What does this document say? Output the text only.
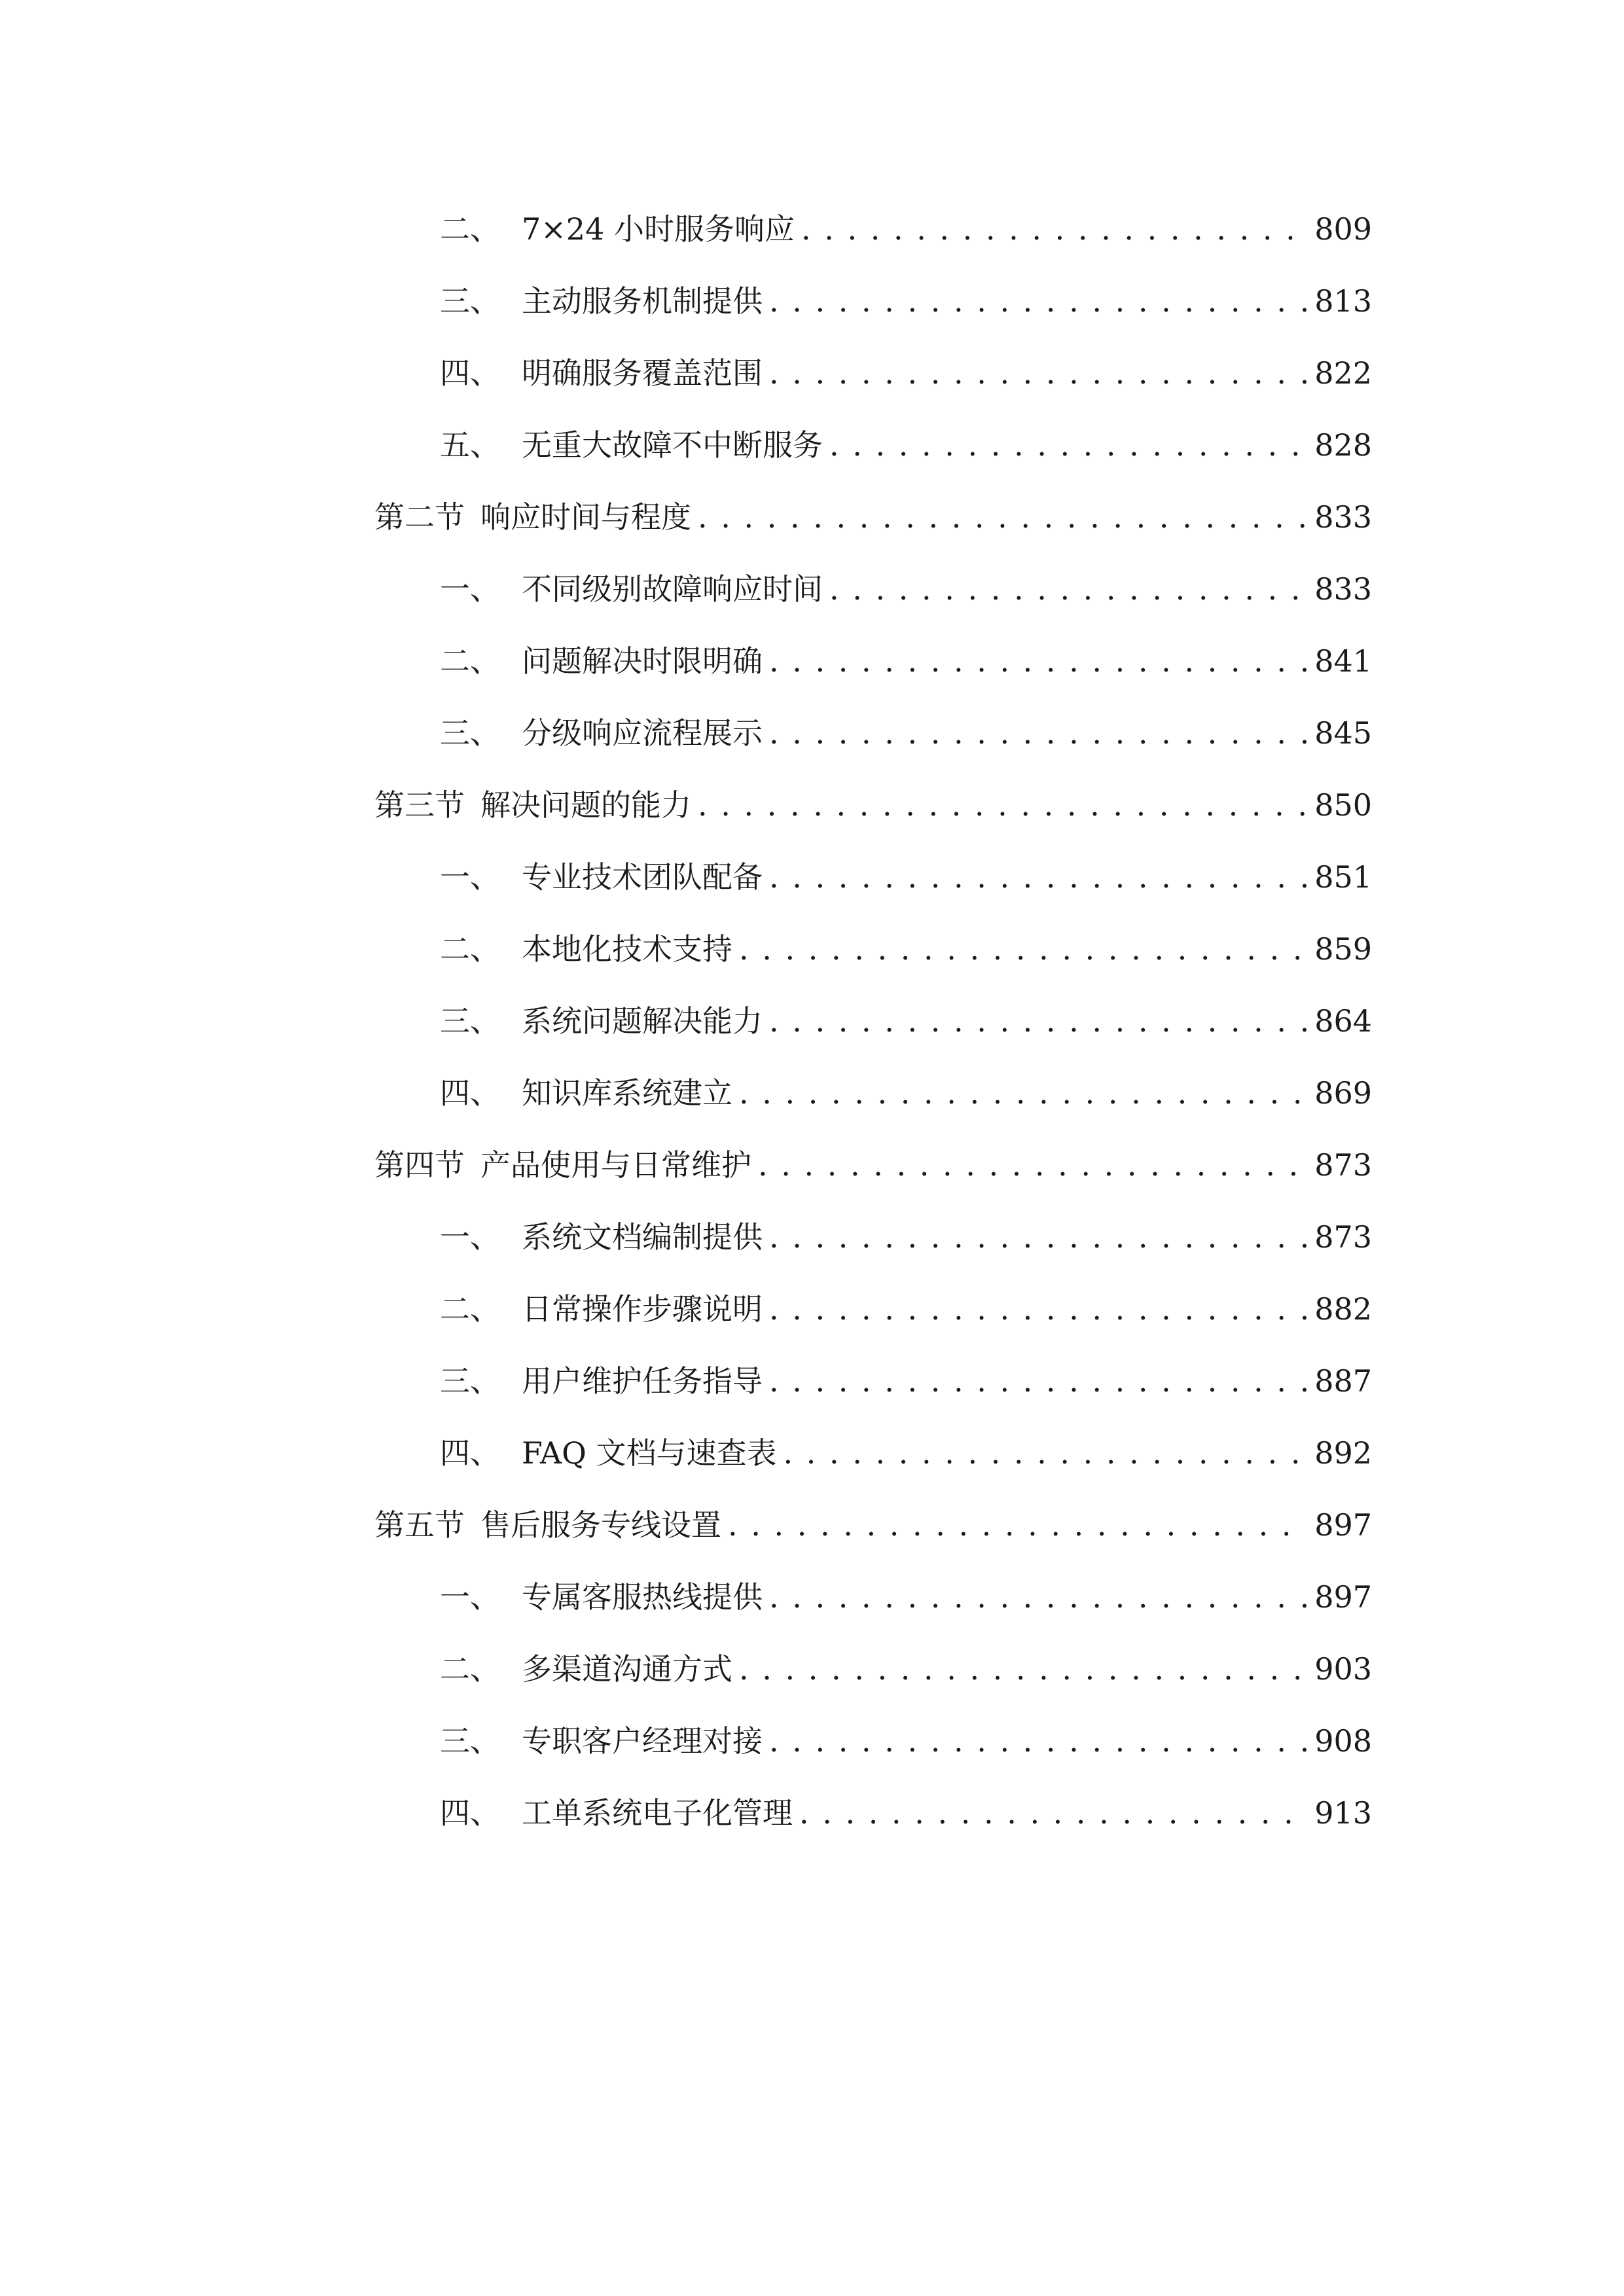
二、 7×24 小时服务响应 . . .	809
三、 主动服务机制提供 . . .	813
四、 明确服务覆盖范围 . . .	822
五、 无重大故障不中断服务 . . .	828
第二节 响应时间与程度 . . .	833
一、 不同级别故障响应时间 . . .	833
二、 问题解决时限明确 . . .	841
三、 分级响应流程展示 . . .	845
第三节 解决问题的能力 . . .	850
一、 专业技术团队配备 . . .	851
二、 本地化技术支持 . . .	859
三、 系统问题解决能力 . . .	864
四、 知识库系统建立 . . .	869
第四节 产品使用与日常维护 . . .	873
一、 系统文档编制提供 . . .	873
二、 日常操作步骤说明 . . .	882
三、 用户维护任务指导 . . .	887
四、 FAQ 文档与速查表 . . .	892
第五节 售后服务专线设置 . . .	897
一、 专属客服热线提供 . . .	897
二、 多渠道沟通方式 . . .	903
三、 专职客户经理对接 . . .	908
四、 工单系统电子化管理 . . .	913
